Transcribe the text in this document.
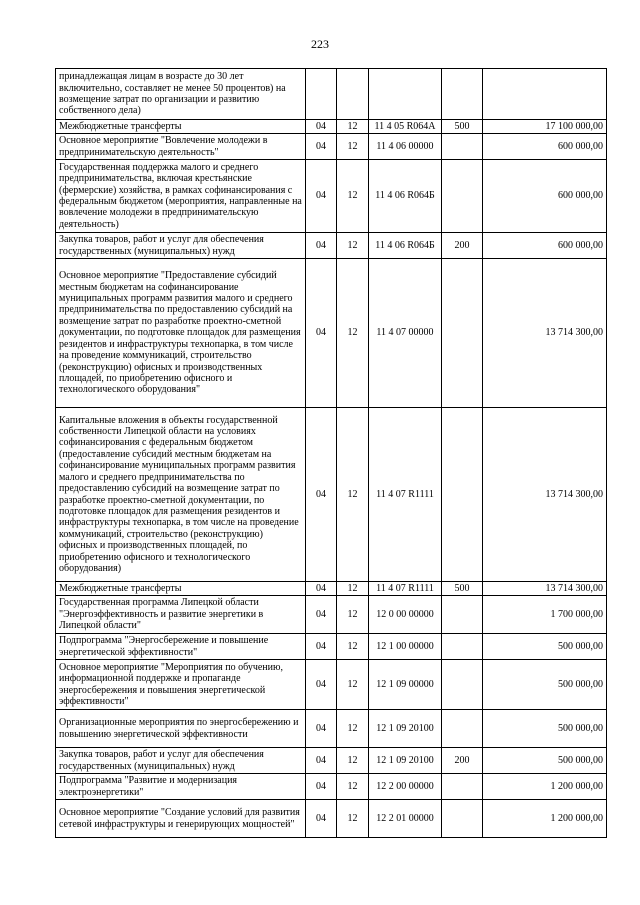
223
принадлежащая лицам в возрасте до 30 лет включительно, составляет не менее 50 процентов) на возмещение затрат по организации и развитию собственного дела)					
Межбюджетные трансферты	04	12	11 4 05 R064A	500	17 100 000,00
Основное мероприятие "Вовлечение молодежи в предпринимательскую деятельность"	04	12	11 4 06 00000		600 000,00
Государственная поддержка малого и среднего предпринимательства, включая крестьянские (фермерские) хозяйства, в рамках софинансирования с федеральным бюджетом (мероприятия, направленные на вовлечение молодежи в предпринимательскую деятельность)	04	12	11 4 06 R064Б		600 000,00
Закупка товаров, работ и услуг для обеспечения государственных (муниципальных) нужд	04	12	11 4 06 R064Б	200	600 000,00
Основное мероприятие "Предоставление субсидий местным бюджетам на софинансирование муниципальных программ развития малого и среднего предпринимательства по предоставлению субсидий на возмещение затрат по разработке проектно-сметной документации, по подготовке площадок для размещения резидентов и инфраструктуры технопарка, в том числе на проведение коммуникаций, строительство (реконструкцию) офисных и производственных площадей, по приобретению офисного и технологического оборудования"	04	12	11 4 07 00000		13 714 300,00
Капитальные вложения в объекты государственной собственности Липецкой области на условиях софинансирования с федеральным бюджетом (предоставление субсидий местным бюджетам на софинансирование муниципальных программ развития малого и среднего предпринимательства по предоставлению субсидий на возмещение затрат по разработке проектно-сметной документации, по подготовке площадок для размещения резидентов и инфраструктуры технопарка, в том числе на проведение коммуникаций, строительство (реконструкцию) офисных и производственных площадей, по приобретению офисного и технологического оборудования)	04	12	11 4 07 R1111		13 714 300,00
Межбюджетные трансферты	04	12	11 4 07 R1111	500	13 714 300,00
Государственная программа Липецкой области "Энергоэффективность и развитие энергетики в Липецкой области"	04	12	12 0 00 00000		1 700 000,00
Подпрограмма "Энергосбережение и повышение энергетической эффективности"	04	12	12 1 00 00000		500 000,00
Основное мероприятие "Мероприятия по обучению, информационной поддержке и пропаганде энергосбережения и повышения энергетической эффективности"	04	12	12 1 09 00000		500 000,00
Организационные мероприятия по энергосбережению и повышению энергетической эффективности	04	12	12 1 09 20100		500 000,00
Закупка товаров, работ и услуг для обеспечения государственных (муниципальных) нужд	04	12	12 1 09 20100	200	500 000,00
Подпрограмма "Развитие и модернизация электроэнергетики"	04	12	12 2 00 00000		1 200 000,00
Основное мероприятие "Создание условий для развития сетевой инфраструктуры и генерирующих мощностей"	04	12	12 2 01 00000		1 200 000,00
